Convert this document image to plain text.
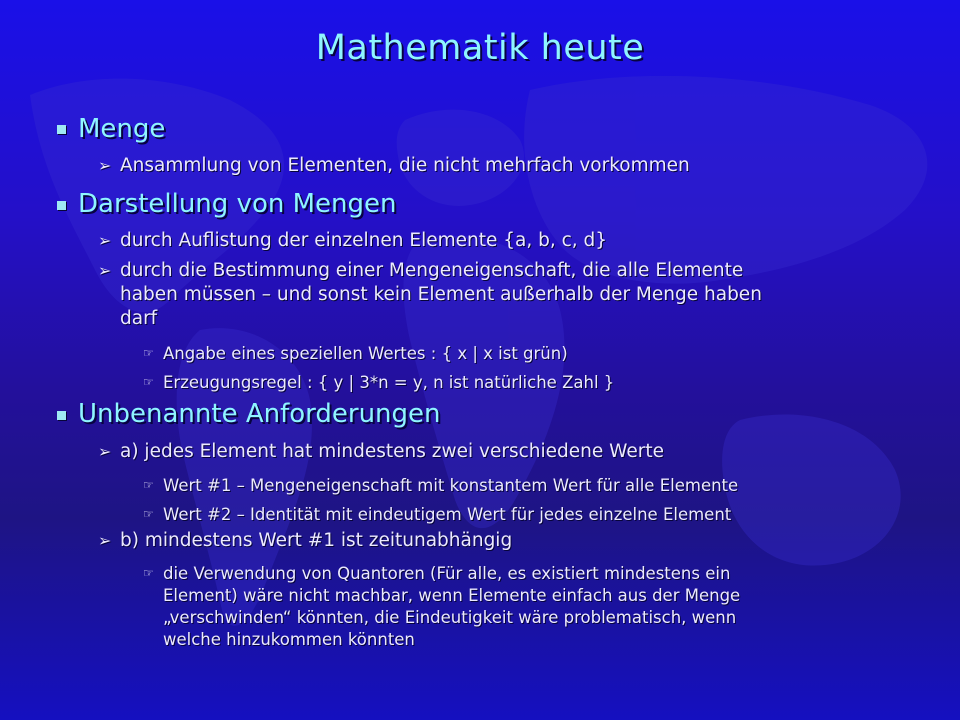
Mathematik heute
Menge
➢ Ansammlung von Elementen, die nicht mehrfach vorkommen
Darstellung von Mengen
➢ durch Auflistung der einzelnen Elemente {a, b, c, d}
➢ durch die Bestimmung einer Mengeneigenschaft, die alle Elemente
haben müssen – und sonst kein Element außerhalb der Menge haben
darf
☞ Angabe eines speziellen Wertes : { x | x ist grün)
☞ Erzeugungsregel : { y | 3*n = y, n ist natürliche Zahl }
Unbenannte Anforderungen
➢ a) jedes Element hat mindestens zwei verschiedene Werte
☞ Wert #1 – Mengeneigenschaft mit konstantem Wert für alle Elemente
☞ Wert #2 – Identität mit eindeutigem Wert für jedes einzelne Element
➢ b) mindestens Wert #1 ist zeitunabhängig
☞ die Verwendung von Quantoren (Für alle, es existiert mindestens ein
Element) wäre nicht machbar, wenn Elemente einfach aus der Menge
„verschwinden“ könnten, die Eindeutigkeit wäre problematisch, wenn
welche hinzukommen könnten
